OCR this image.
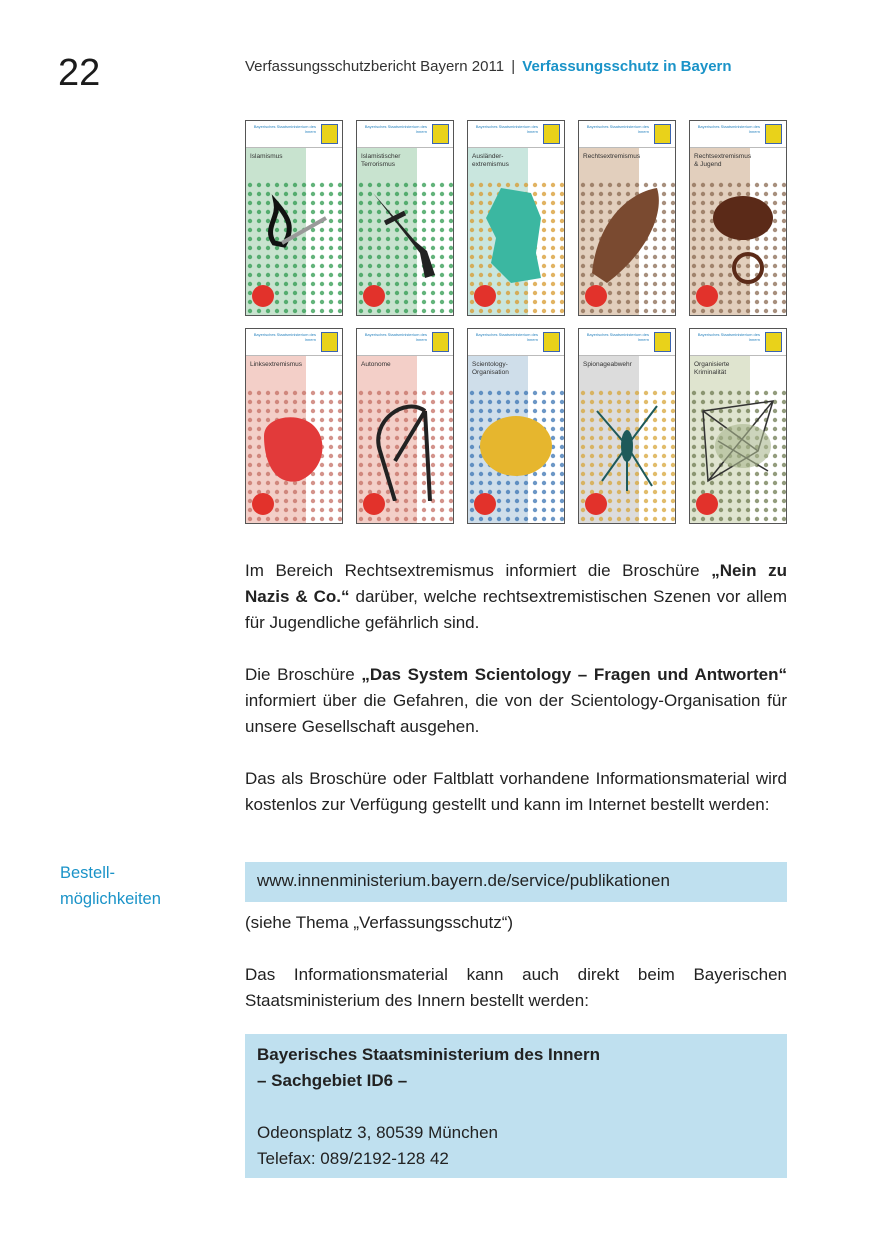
22	Verfassungsschutzbericht Bayern 2011 | Verfassungsschutz in Bayern
Bayerisches Staatsministerium des Innern
Islamismus
Bayerisches Staatsministerium des Innern
Islamistischer Terrorismus
Bayerisches Staatsministerium des Innern
Ausländer-extremismus
Bayerisches Staatsministerium des Innern
Rechtsextremismus
Bayerisches Staatsministerium des Innern
Rechtsextremismus & Jugend
Bayerisches Staatsministerium des Innern
Linksextremismus
Bayerisches Staatsministerium des Innern
Autonome
Bayerisches Staatsministerium des Innern
Scientology-Organisation
Bayerisches Staatsministerium des Innern
Spionageabwehr
Bayerisches Staatsministerium des Innern
Organisierte Kriminalität

Im Bereich Rechtsextremismus informiert die Broschüre „Nein zu Nazis & Co.“ darüber, welche rechtsextremistischen Szenen vor allem für Jugendliche gefährlich sind.

Die Broschüre „Das System Scientology – Fragen und Antworten“ informiert über die Gefahren, die von der Scientology-Organisation für unsere Gesellschaft ausgehen.

Das als Broschüre oder Faltblatt vorhandene Informationsmaterial wird kostenlos zur Verfügung gestellt und kann im Internet bestellt werden:

Bestell-
möglichkeiten
www.innenministerium.bayern.de/service/publikationen

(siehe Thema „Verfassungsschutz“)

Das Informationsmaterial kann auch direkt beim Bayerischen Staatsministerium des Innern bestellt werden:

Bayerisches Staatsministerium des Innern
– Sachgebiet ID6 –
Odeonsplatz 3, 80539 München
Telefax: 089/2192-128 42
